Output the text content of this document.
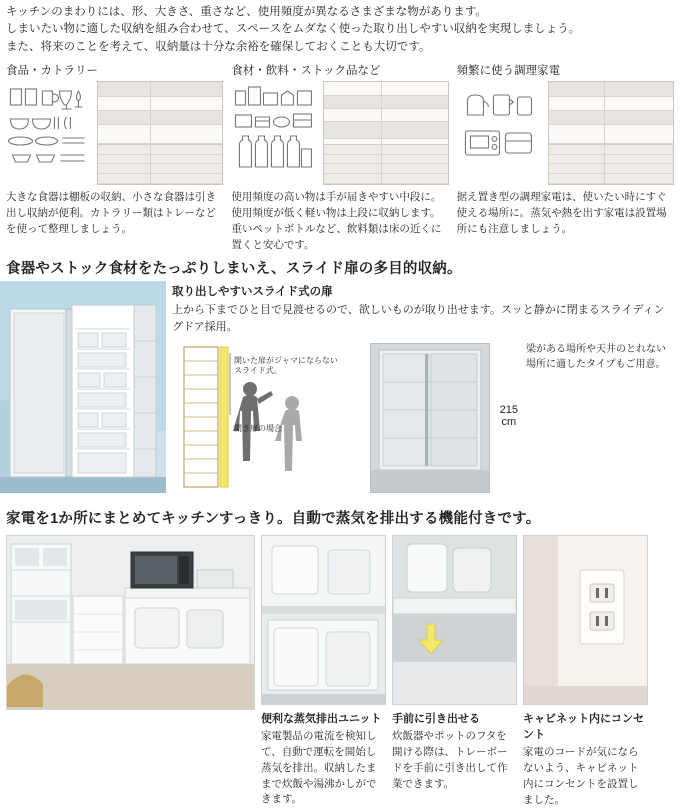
キッチンのまわりには、形、大きさ、重さなど、使用頻度が異なるさまざまな物があります。

しまいたい物に適した収納を組み合わせて、スペースをムダなく使った取り出しやすい収納を実現しましょう。

また、将来のことを考えて、収納量は十分な余裕を確保しておくことも大切です。

食品・カトラリー
大きな食器は棚板の収納、小さな食器は引き出し収納が便利。カトラリー類はトレーなどを使って整理しましょう。
食材・飲料・ストック品など
使用頻度の高い物は手が届きやすい中段に。使用頻度が低く軽い物は上段に収納します。重いペットボトルなど、飲料類は床の近くに置くと安心です。
頻繁に使う調理家電
据え置き型の調理家電は、使いたい時にすぐ使える場所に。蒸気や熱を出す家電は設置場所にも注意しましょう。
食器やストック食材をたっぷりしまいえ、スライド扉の多目的収納。
取り出しやすいスライド式の扉
上から下までひと目で見渡せるので、欲しいものが取り出せます。スッと静かに閉まるスライディングドア採用。
開いた扉がジャマにならない
スライド式。
開き扉の場合
215
cm
梁がある場所や天井のとれない場所に適したタイプもご用意。
家電を1か所にまとめてキッチンすっきり。自動で蒸気を排出する機能付きです。
便利な蒸気排出ユニット
家電製品の電流を検知して、自動で運転を開始し蒸気を排出。収納したままで炊飯や湯沸かしができます。
手前に引き出せる
炊飯器やポットのフタを開ける際は、トレーボードを手前に引き出して作業できます。
キャビネット内にコンセント
家電のコードが気にならないよう、キャビネット内にコンセントを設置しました。
